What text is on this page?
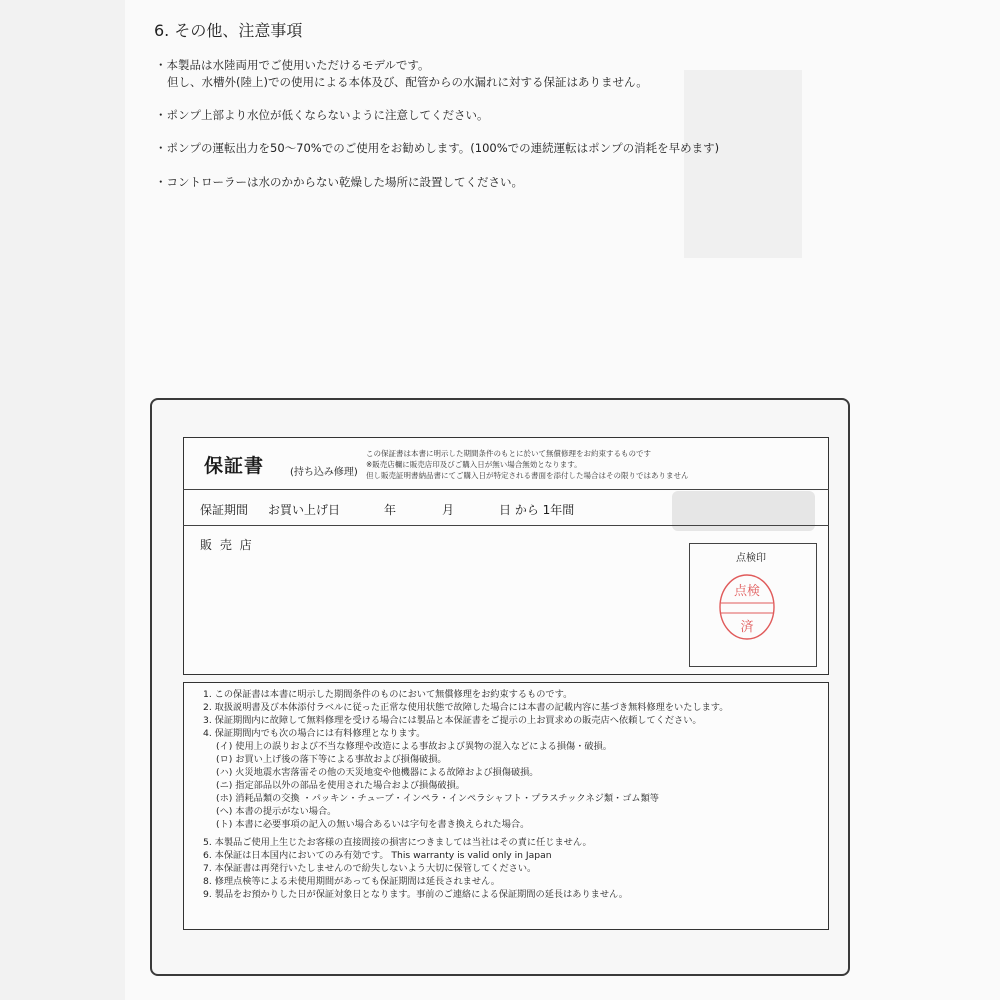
6. その他、注意事項
・本製品は水陸両用でご使用いただけるモデルです。
但し、水槽外(陸上)での使用による本体及び、配管からの水漏れに対する保証はありません。
・ポンプ上部より水位が低くならないように注意してください。
・ポンプの運転出力を50〜70%でのご使用をお勧めします。(100%での連続運転はポンプの消耗を早めます)
・コントローラーは水のかからない乾燥した場所に設置してください。
保証書	(持ち込み修理)
この保証書は本書に明示した期間条件のもとに於いて無償修理をお約束するものです
※販売店欄に販売店印及びご購入日が無い場合無効となります。
但し販売証明書納品書にてご購入日が特定される書面を添付した場合はその限りではありません
保証期間 お買い上げ日	年	月	日 から 1年間
販 売 店
点検印
点検
済
1. この保証書は本書に明示した期間条件のものにおいて無償修理をお約束するものです。
2. 取扱説明書及び本体添付ラベルに従った正常な使用状態で故障した場合には本書の記載内容に基づき無料修理をいたします。
3. 保証期間内に故障して無料修理を受ける場合には製品と本保証書をご提示の上お買求めの販売店へ依頼してください。
4. 保証期間内でも次の場合には有料修理となります。
(イ) 使用上の誤りおよび不当な修理や改造による事故および異物の混入などによる損傷・破損。
(ロ) お買い上げ後の落下等による事故および損傷破損。
(ハ) 火災地震水害落雷その他の天災地変や他機器による故障および損傷破損。
(ニ) 指定部品以外の部品を使用された場合および損傷破損。
(ホ) 消耗品類の交換 ・パッキン・チューブ・インペラ・インペラシャフト・プラスチックネジ類・ゴム類等
(ヘ) 本書の提示がない場合。
(ト) 本書に必要事項の記入の無い場合あるいは字句を書き換えられた場合。
5. 本製品ご使用上生じたお客様の直接間接の損害につきましては当社はその責に任じません。
6. 本保証は日本国内においてのみ有効です。 This warranty is valid only in Japan
7. 本保証書は再発行いたしませんので紛失しないよう大切に保管してください。
8. 修理点検等による未使用期間があっても保証期間は延長されません。
9. 製品をお預かりした日が保証対象日となります。事前のご連絡による保証期間の延長はありません。
